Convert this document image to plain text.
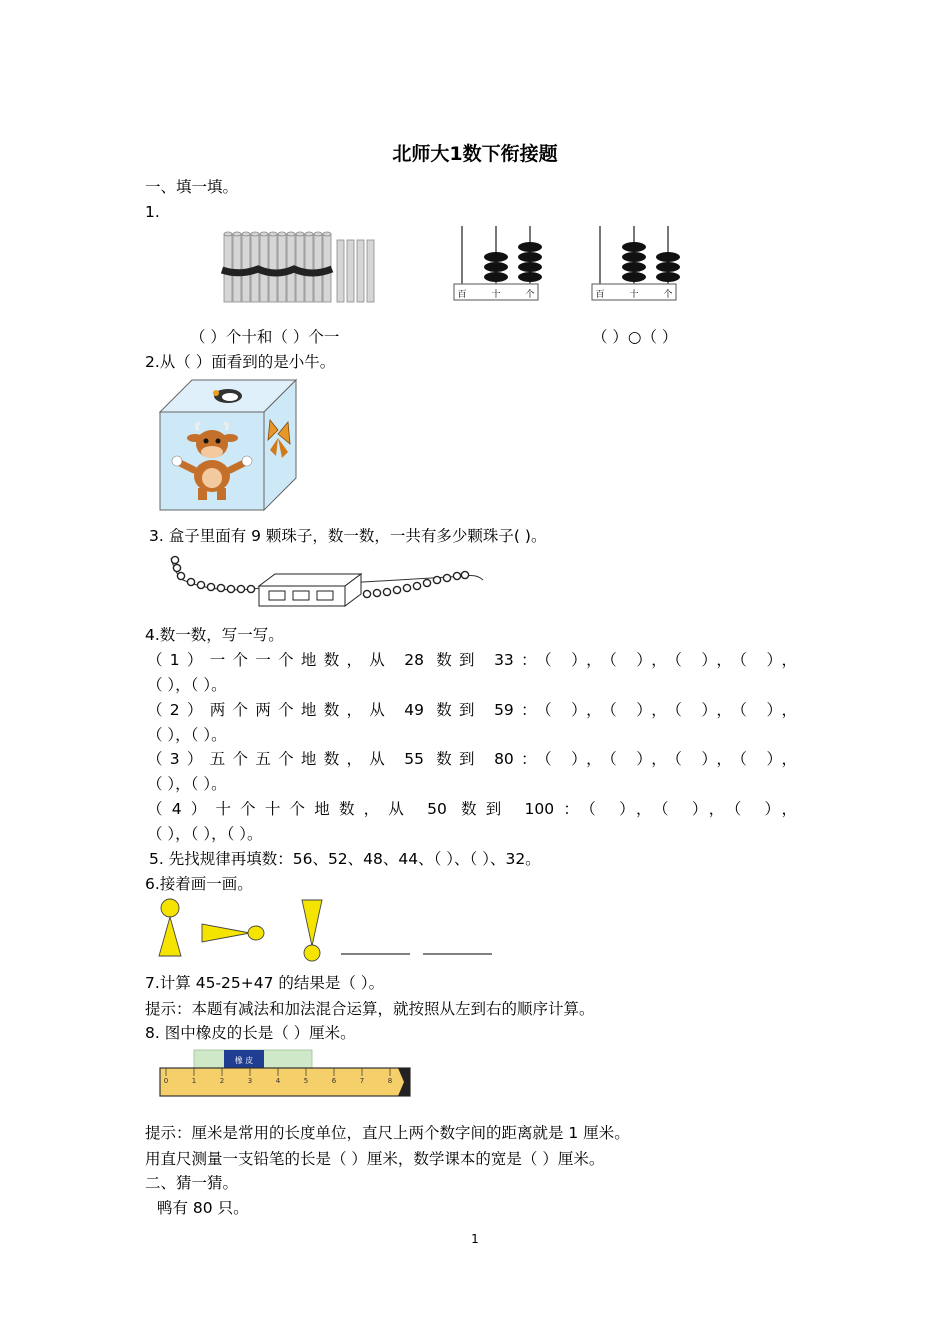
北师大1数下衔接题
一、填一填。
1.
百	十	个	百	十	个
（ ）个十和（ ）个一	（ ）○（ ）
2.从（ ）面看到的是小牛。
3. 盒子里面有 9 颗珠子，数一数，一共有多少颗珠子( )。
4.数一数，写一写。
（1）一个一个地数，从 28 数到 33：（ ），（ ），（ ），（ ），
（ ），（ ）。
（2）两个两个地数，从 49 数到 59：（ ），（ ），（ ），（ ），
（ ），（ ）。
（3）五个五个地数，从 55 数到 80：（ ），（ ），（ ），（ ），
（ ），（ ）。
（4）十个十个地数，从 50 数到 100：（ ），（ ），（ ），
（ ），（ ），（ ）。
5. 先找规律再填数：56、52、48、44、（ ）、（ ）、32。
6.接着画一画。
7.计算 45-25+47 的结果是（ ）。
提示：本题有减法和加法混合运算，就按照从左到右的顺序计算。
8. 图中橡皮的长是（ ）厘米。
橡 皮
0	1	2	3	4	5	6	7	8
提示：厘米是常用的长度单位，直尺上两个数字间的距离就是 1 厘米。
用直尺测量一支铅笔的长是（ ）厘米，数学课本的宽是（ ）厘米。
二、猜一猜。
鸭有 80 只。
1
